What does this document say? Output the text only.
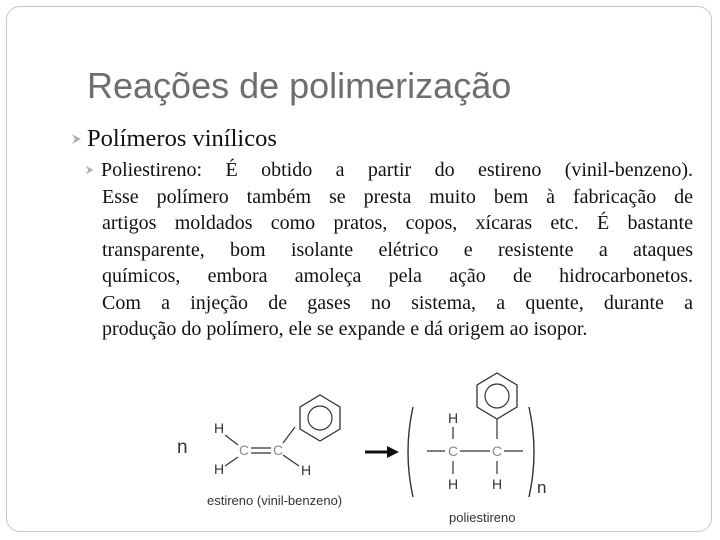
Reações de polimerização
Polímeros vinílicos
Poliestireno: É obtido a partir do estireno (vinil-benzeno).
Esse polímero também se presta muito bem à fabricação de
artigos moldados como pratos, copos, xícaras etc. É bastante
transparente, bom isolante elétrico e resistente a ataques
químicos, embora amoleça pela ação de hidrocarbonetos.
Com a injeção de gases no sistema, a quente, durante a
produção do polímero, ele se expande e dá origem ao isopor.
n
H
H
C C
H
estireno (vinil-benzeno)
H
C C
H H n
poliestireno
